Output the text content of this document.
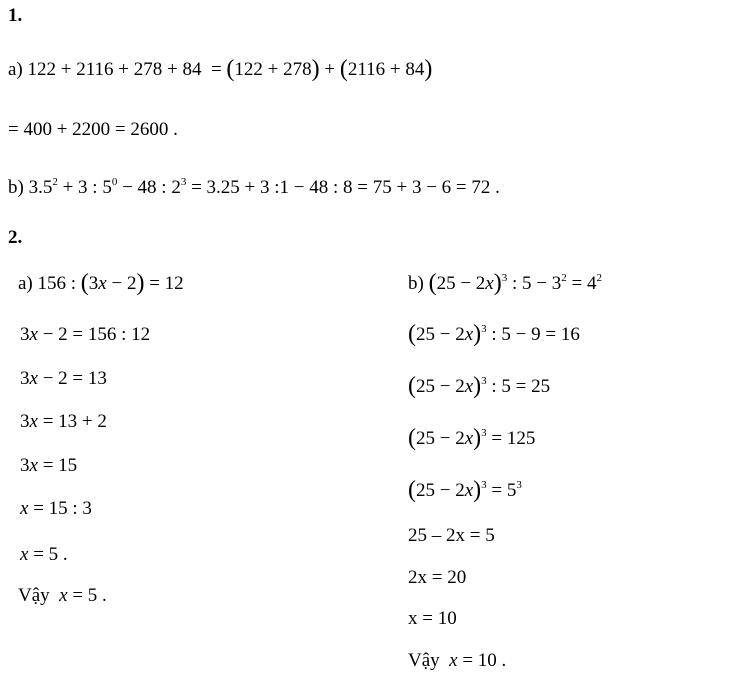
1.
a) 122 + 2116 + 278 + 84  = (122 + 278) + (2116 + 84)
= 400 + 2200 = 2600 .
b) $3.5^2 + 3$ : $5^0 - 48$ : $2^3 = 3.25 + 3$ :1 − 48 : 8 = 75 + 3 − 6 = 72 .
2.
a) 156 : (3x − 2) = 12
3x − 2 = 156 : 12
3x − 2 = 13
3x = 13 + 2
3x = 15
x = 15 : 3
x = 5 .
Vậy x = 5 .
b) $(25 - 2x)^3$ : $5 - 3^2 = 4^2$
$(25 - 2x)^3$ : 5 − 9 = 16
$(25 - 2x)^3$ : 5 = 25
$(25 - 2x)^3 = 125$
$(25 - 2x)^3 = 5^3$
25 – 2x = 5
2x = 20
x = 10
Vậy x = 10 .
